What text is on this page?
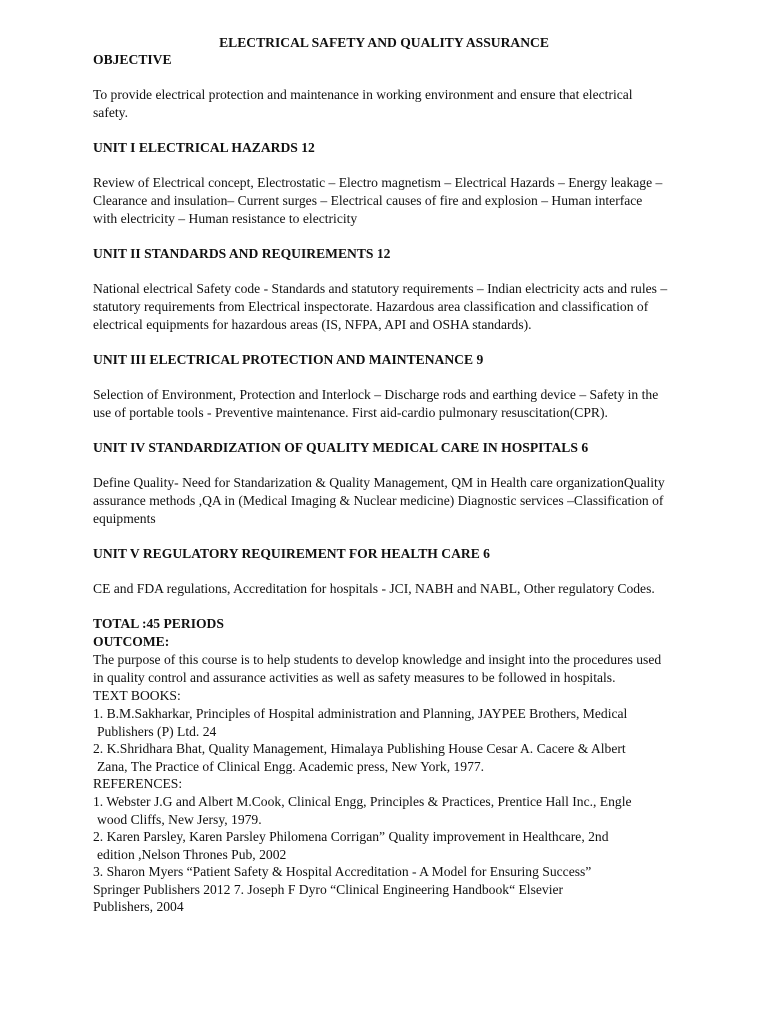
ELECTRICAL SAFETY AND QUALITY ASSURANCE

OBJECTIVE

To provide electrical protection and maintenance in working environment and ensure that electrical safety.

UNIT I ELECTRICAL HAZARDS 12

Review of Electrical concept, Electrostatic – Electro magnetism – Electrical Hazards – Energy leakage – Clearance and insulation– Current surges – Electrical causes of fire and explosion – Human interface with electricity – Human resistance to electricity

UNIT II STANDARDS AND REQUIREMENTS 12

National electrical Safety code - Standards and statutory requirements – Indian electricity acts and rules – statutory requirements from Electrical inspectorate. Hazardous area classification and classification of electrical equipments for hazardous areas (IS, NFPA, API and OSHA standards).

UNIT III ELECTRICAL PROTECTION AND MAINTENANCE 9

Selection of Environment, Protection and Interlock – Discharge rods and earthing device – Safety in the use of portable tools - Preventive maintenance. First aid-cardio pulmonary resuscitation(CPR).

UNIT IV STANDARDIZATION OF QUALITY MEDICAL CARE IN HOSPITALS 6

Define Quality- Need for Standarization & Quality Management, QM in Health care organizationQuality assurance methods ,QA in (Medical Imaging & Nuclear medicine) Diagnostic services –Classification of equipments

UNIT V REGULATORY REQUIREMENT FOR HEALTH CARE 6

CE and FDA regulations, Accreditation for hospitals - JCI, NABH and NABL, Other regulatory Codes.

TOTAL :45 PERIODS

OUTCOME:

The purpose of this course is to help students to develop knowledge and insight into the procedures used in quality control and assurance activities as well as safety measures to be followed in hospitals.

TEXT BOOKS:

1. B.M.Sakharkar, Principles of Hospital administration and Planning, JAYPEE Brothers, Medical
Publishers (P) Ltd. 24

2. K.Shridhara Bhat, Quality Management, Himalaya Publishing House Cesar A. Cacere & Albert
Zana, The Practice of Clinical Engg. Academic press, New York, 1977.

REFERENCES:

1. Webster J.G and Albert M.Cook, Clinical Engg, Principles & Practices, Prentice Hall Inc., Engle
wood Cliffs, New Jersy, 1979.

2. Karen Parsley, Karen Parsley Philomena Corrigan” Quality improvement in Healthcare, 2nd
edition ,Nelson Thrones Pub, 2002

3. Sharon Myers “Patient Safety & Hospital Accreditation - A Model for Ensuring Success”
Springer Publishers 2012 7. Joseph F Dyro “Clinical Engineering Handbook“ Elsevier
Publishers, 2004
